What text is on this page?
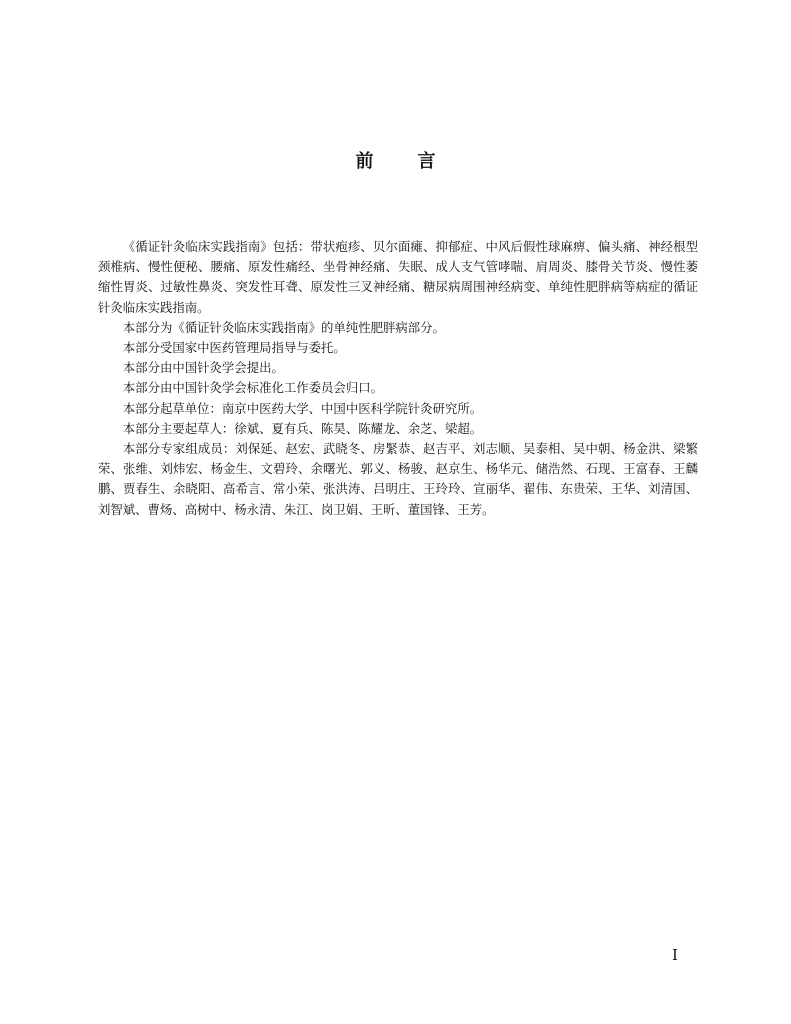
前言

《循证针灸临床实践指南》包括：带状疱疹、贝尔面瘫、抑郁症、中风后假性球麻痹、偏头痛、神经根型颈椎病、慢性便秘、腰痛、原发性痛经、坐骨神经痛、失眠、成人支气管哮喘、肩周炎、膝骨关节炎、慢性萎缩性胃炎、过敏性鼻炎、突发性耳聋、原发性三叉神经痛、糖尿病周围神经病变、单纯性肥胖病等病症的循证针灸临床实践指南。

本部分为《循证针灸临床实践指南》的单纯性肥胖病部分。

本部分受国家中医药管理局指导与委托。

本部分由中国针灸学会提出。

本部分由中国针灸学会标准化工作委员会归口。

本部分起草单位：南京中医药大学、中国中医科学院针灸研究所。

本部分主要起草人：徐斌、夏有兵、陈昊、陈耀龙、余芝、梁超。

本部分专家组成员：刘保延、赵宏、武晓冬、房緊恭、赵吉平、刘志顺、吴泰相、吴中朝、杨金洪、梁繁荣、张维、刘炜宏、杨金生、文碧玲、余曙光、郭义、杨骏、赵京生、杨华元、储浩然、石现、王富春、王麟鹏、贾春生、余晓阳、高希言、常小荣、张洪涛、吕明庄、王玲玲、宣丽华、翟伟、东贵荣、王华、刘清国、刘智斌、曹炀、高树中、杨永清、朱江、岗卫娟、王昕、董国锋、王芳。

I
